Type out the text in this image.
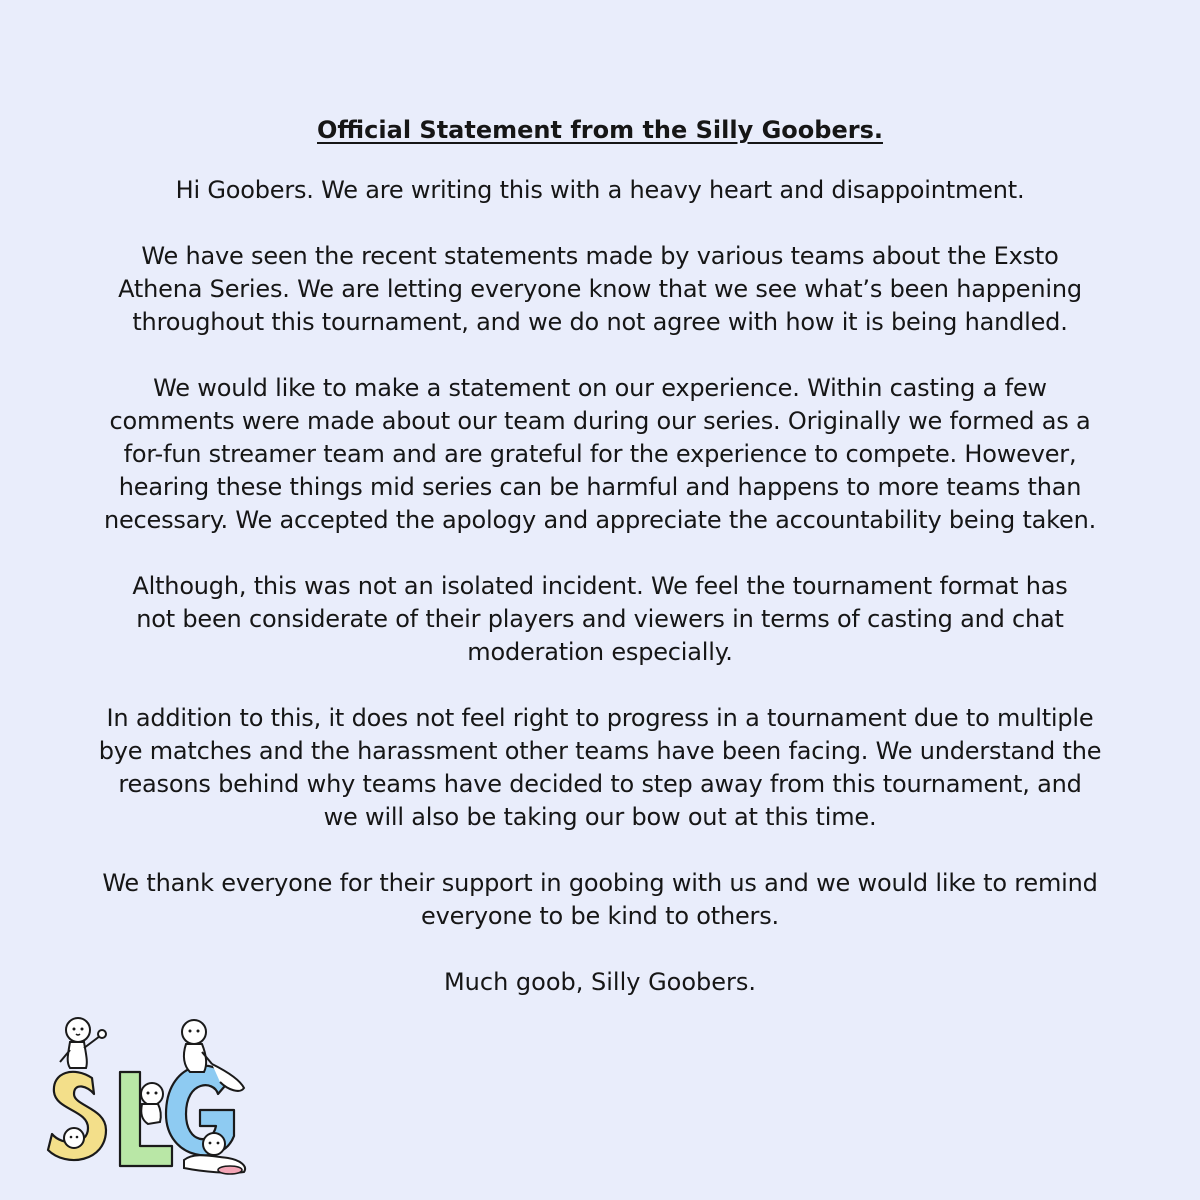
Official Statement from the Silly Goobers.
Hi Goobers. We are writing this with a heavy heart and disappointment.
We have seen the recent statements made by various teams about the Exsto
Athena Series. We are letting everyone know that we see what’s been happening
throughout this tournament, and we do not agree with how it is being handled.
We would like to make a statement on our experience. Within casting a few
comments were made about our team during our series. Originally we formed as a
for-fun streamer team and are grateful for the experience to compete. However,
hearing these things mid series can be harmful and happens to more teams than
necessary. We accepted the apology and appreciate the accountability being taken.
Although, this was not an isolated incident. We feel the tournament format has
not been considerate of their players and viewers in terms of casting and chat
moderation especially.
In addition to this, it does not feel right to progress in a tournament due to multiple
bye matches and the harassment other teams have been facing. We understand the
reasons behind why teams have decided to step away from this tournament, and
we will also be taking our bow out at this time.
We thank everyone for their support in goobing with us and we would like to remind
everyone to be kind to others.
Much goob, Silly Goobers.
